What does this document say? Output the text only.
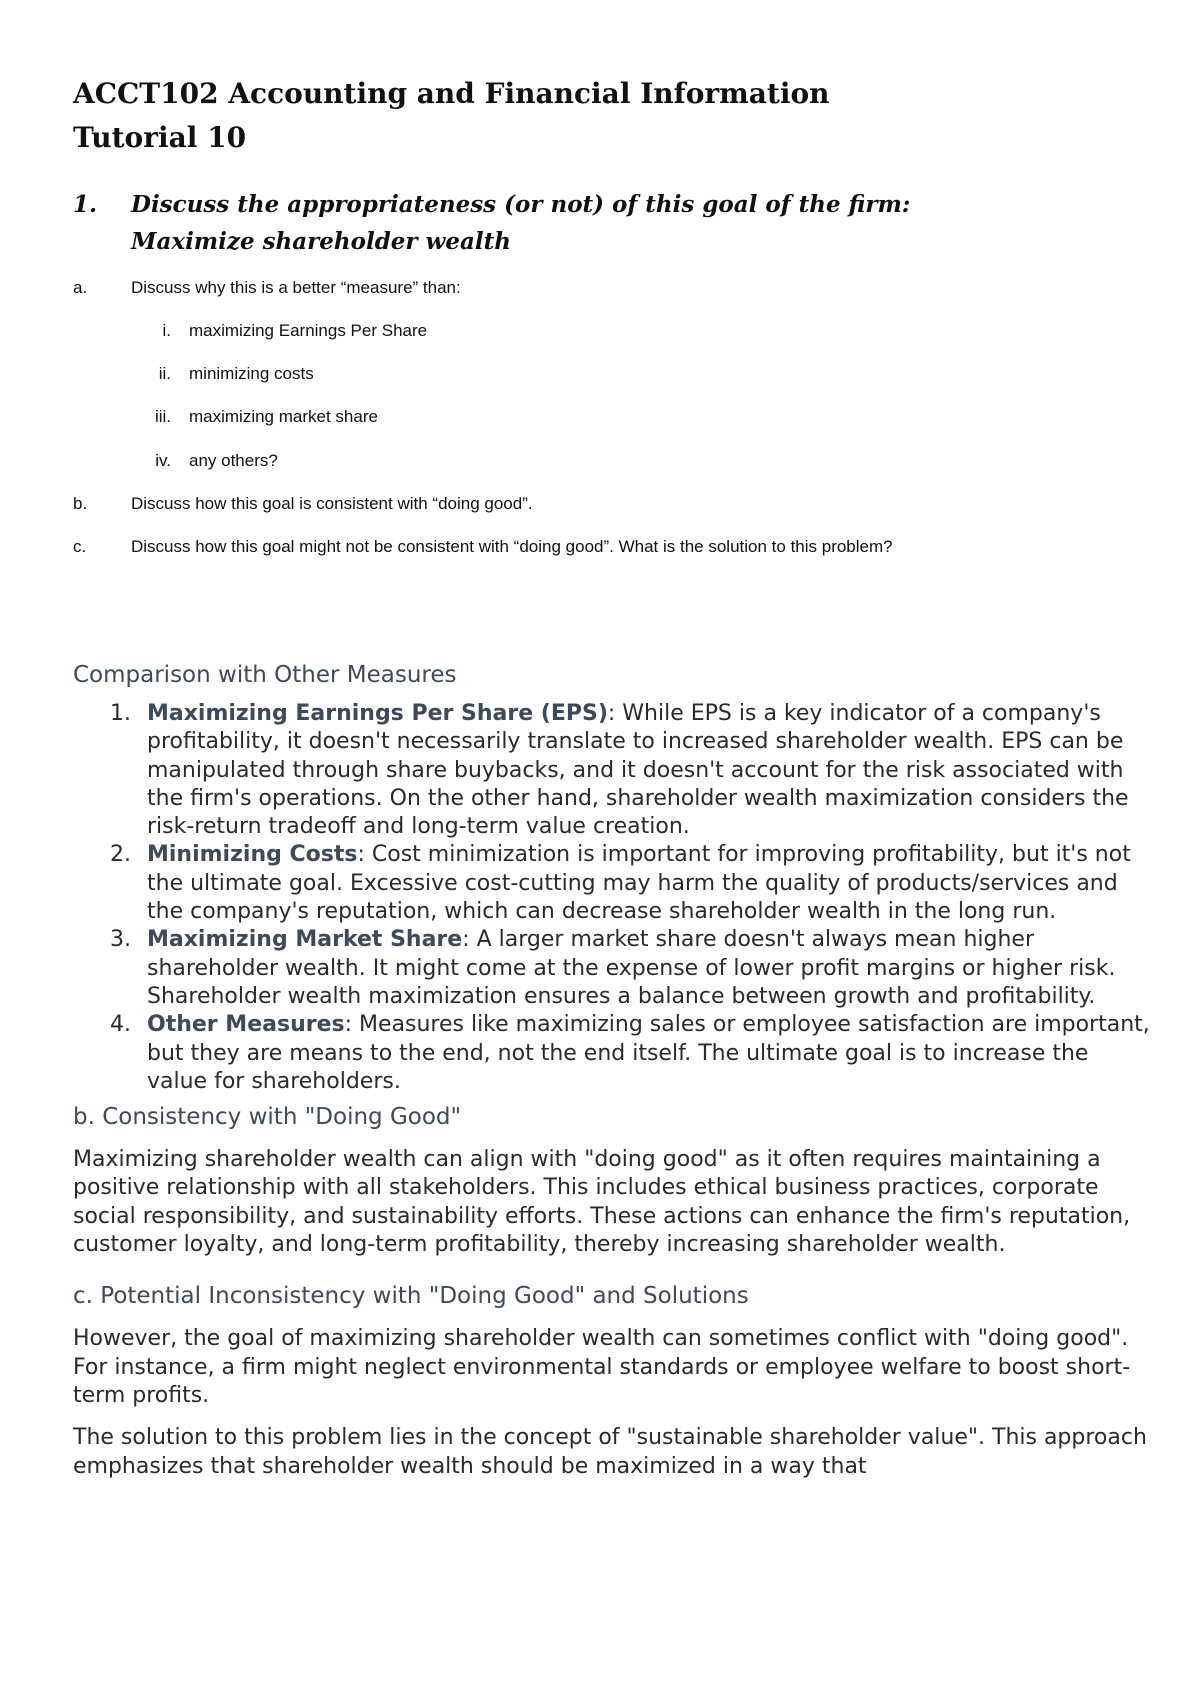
ACCT102 Accounting and Financial Information
Tutorial 10
1. Discuss the appropriateness (or not) of this goal of the firm: Maximize shareholder wealth
a.	Discuss why this is a better “measure” than:
i. maximizing Earnings Per Share
ii. minimizing costs
iii. maximizing market share
iv. any others?
b.	Discuss how this goal is consistent with “doing good”.
c.	Discuss how this goal might not be consistent with “doing good”. What is the solution to this problem?
Comparison with Other Measures
1. Maximizing Earnings Per Share (EPS): While EPS is a key indicator of a company's profitability, it doesn't necessarily translate to increased shareholder wealth. EPS can be manipulated through share buybacks, and it doesn't account for the risk associated with the firm's operations. On the other hand, shareholder wealth maximization considers the risk-return tradeoff and long-term value creation.
2. Minimizing Costs: Cost minimization is important for improving profitability, but it's not the ultimate goal. Excessive cost-cutting may harm the quality of products/services and the company's reputation, which can decrease shareholder wealth in the long run.
3. Maximizing Market Share: A larger market share doesn't always mean higher shareholder wealth. It might come at the expense of lower profit margins or higher risk. Shareholder wealth maximization ensures a balance between growth and profitability.
4. Other Measures: Measures like maximizing sales or employee satisfaction are important, but they are means to the end, not the end itself. The ultimate goal is to increase the value for shareholders.
b. Consistency with "Doing Good"

Maximizing shareholder wealth can align with "doing good" as it often requires maintaining a positive relationship with all stakeholders. This includes ethical business practices, corporate social responsibility, and sustainability efforts. These actions can enhance the firm's reputation, customer loyalty, and long-term profitability, thereby increasing shareholder wealth.

c. Potential Inconsistency with "Doing Good" and Solutions

However, the goal of maximizing shareholder wealth can sometimes conflict with "doing good". For instance, a firm might neglect environmental standards or employee welfare to boost short-term profits.

The solution to this problem lies in the concept of "sustainable shareholder value". This approach emphasizes that shareholder wealth should be maximized in a way that
